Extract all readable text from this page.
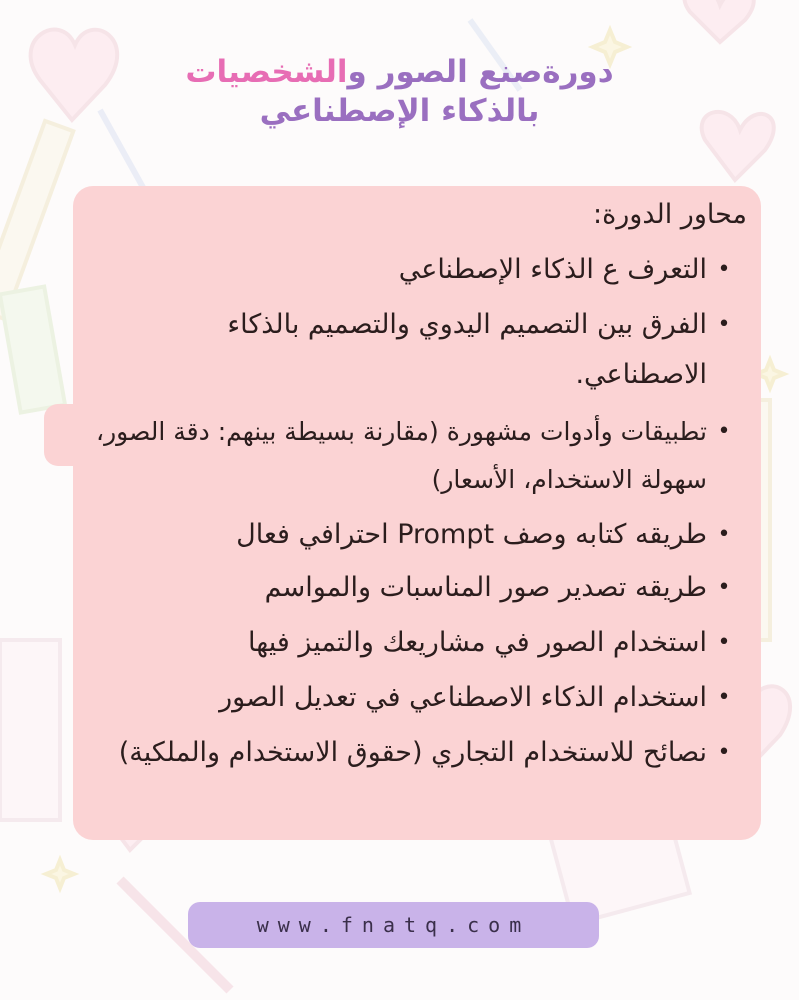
دورةصنع الصور والشخصيات
بالذكاء الإصطناعي
محاور الدورة:
•
التعرف ع الذكاء الإصطناعي
•
الفرق بين التصميم اليدوي والتصميم بالذكاء الاصطناعي.
•
تطبيقات وأدوات مشهورة (مقارنة بسيطة بينهم: دقة الصور، سهولة الاستخدام، الأسعار)
•
طريقه كتابه وصف Prompt احترافي فعال
•
طريقه تصدير صور المناسبات والمواسم
•
استخدام الصور في مشاريعك والتميز فيها
•
استخدام الذكاء الاصطناعي في تعديل الصور
•
نصائح للاستخدام التجاري (حقوق الاستخدام والملكية)
www.fnatq.com
